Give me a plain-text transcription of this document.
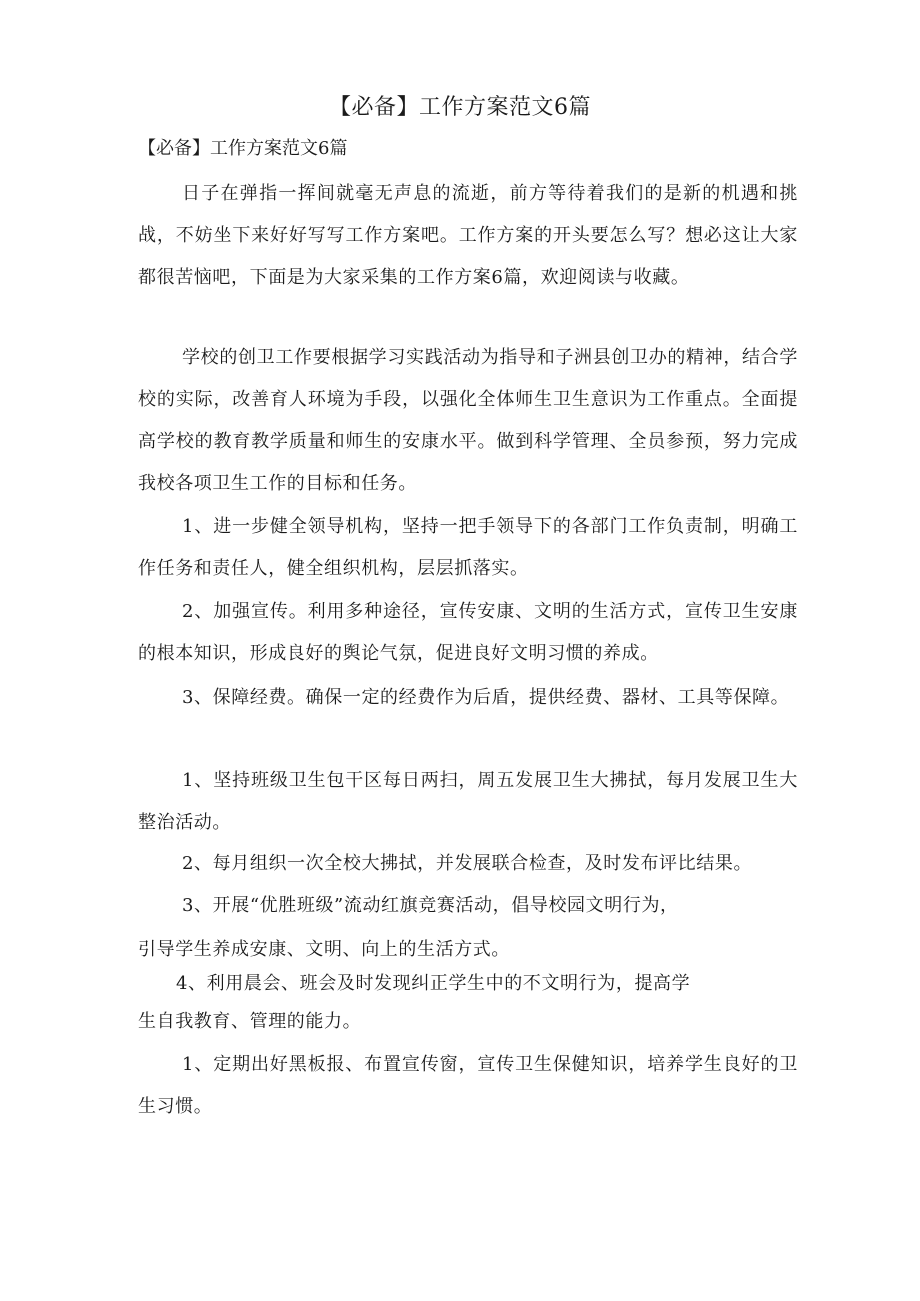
【必备】工作方案范文6篇
【必备】工作方案范文6篇

日子在弹指一挥间就毫无声息的流逝，前方等待着我们的是新的机遇和挑战，不妨坐下来好好写写工作方案吧。工作方案的开头要怎么写？想必这让大家都很苦恼吧，下面是为大家采集的工作方案6篇，欢迎阅读与收藏。

学校的创卫工作要根据学习实践活动为指导和子洲县创卫办的精神，结合学校的实际，改善育人环境为手段，以强化全体师生卫生意识为工作重点。全面提高学校的教育教学质量和师生的安康水平。做到科学管理、全员参预，努力完成我校各项卫生工作的目标和任务。

1、进一步健全领导机构，坚持一把手领导下的各部门工作负责制，明确工作任务和责任人，健全组织机构，层层抓落实。

2、加强宣传。利用多种途径，宣传安康、文明的生活方式，宣传卫生安康的根本知识，形成良好的舆论气氛，促进良好文明习惯的养成。

3、保障经费。确保一定的经费作为后盾，提供经费、器材、工具等保障。

1、坚持班级卫生包干区每日两扫，周五发展卫生大拂拭，每月发展卫生大整治活动。

2、每月组织一次全校大拂拭，并发展联合检查，及时发布评比结果。

3、开展“优胜班级”流动红旗竞赛活动，倡导校园文明行为，

引导学生养成安康、文明、向上的生活方式。

4、利用晨会、班会及时发现纠正学生中的不文明行为，提高学

生自我教育、管理的能力。

1、定期出好黑板报、布置宣传窗，宣传卫生保健知识，培养学生良好的卫生习惯。
